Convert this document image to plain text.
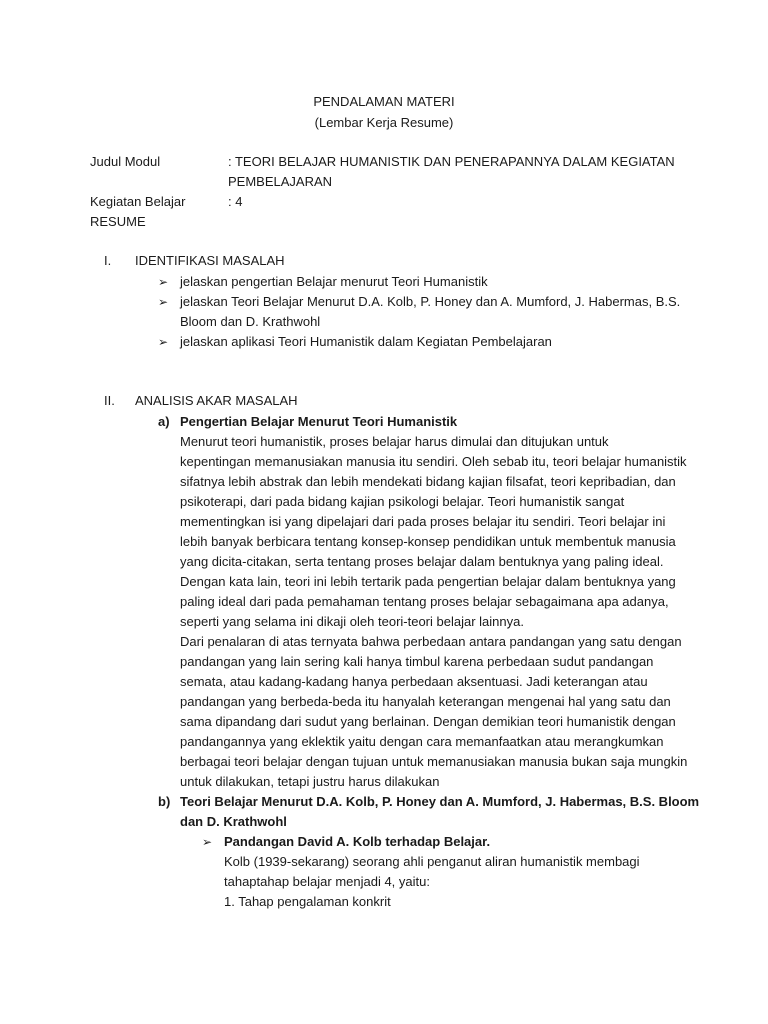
PENDALAMAN MATERI
(Lembar Kerja Resume)
Judul Modul	: TEORI BELAJAR HUMANISTIK DAN PENERAPANNYA DALAM KEGIATAN
PEMBELAJARAN
Kegiatan Belajar	: 4
RESUME
I. IDENTIFIKASI MASALAH
➢ jelaskan pengertian Belajar menurut Teori Humanistik
➢ jelaskan Teori Belajar Menurut D.A. Kolb, P. Honey dan A. Mumford, J. Habermas, B.S.
Bloom dan D. Krathwohl
➢ jelaskan aplikasi Teori Humanistik dalam Kegiatan Pembelajaran
II. ANALISIS AKAR MASALAH
a) Pengertian Belajar Menurut Teori Humanistik
Menurut teori humanistik, proses belajar harus dimulai dan ditujukan untuk
kepentingan memanusiakan manusia itu sendiri. Oleh sebab itu, teori belajar humanistik
sifatnya lebih abstrak dan lebih mendekati bidang kajian filsafat, teori kepribadian, dan
psikoterapi, dari pada bidang kajian psikologi belajar. Teori humanistik sangat
mementingkan isi yang dipelajari dari pada proses belajar itu sendiri. Teori belajar ini
lebih banyak berbicara tentang konsep-konsep pendidikan untuk membentuk manusia
yang dicita-citakan, serta tentang proses belajar dalam bentuknya yang paling ideal.
Dengan kata lain, teori ini lebih tertarik pada pengertian belajar dalam bentuknya yang
paling ideal dari pada pemahaman tentang proses belajar sebagaimana apa adanya,
seperti yang selama ini dikaji oleh teori-teori belajar lainnya.
Dari penalaran di atas ternyata bahwa perbedaan antara pandangan yang satu dengan
pandangan yang lain sering kali hanya timbul karena perbedaan sudut pandangan
semata, atau kadang-kadang hanya perbedaan aksentuasi. Jadi keterangan atau
pandangan yang berbeda-beda itu hanyalah keterangan mengenai hal yang satu dan
sama dipandang dari sudut yang berlainan. Dengan demikian teori humanistik dengan
pandangannya yang eklektik yaitu dengan cara memanfaatkan atau merangkumkan
berbagai teori belajar dengan tujuan untuk memanusiakan manusia bukan saja mungkin
untuk dilakukan, tetapi justru harus dilakukan
b) Teori Belajar Menurut D.A. Kolb, P. Honey dan A. Mumford, J. Habermas, B.S. Bloom
dan D. Krathwohl
➢ Pandangan David A. Kolb terhadap Belajar.
Kolb (1939-sekarang) seorang ahli penganut aliran humanistik membagi
tahaptahap belajar menjadi 4, yaitu:
1. Tahap pengalaman konkrit
